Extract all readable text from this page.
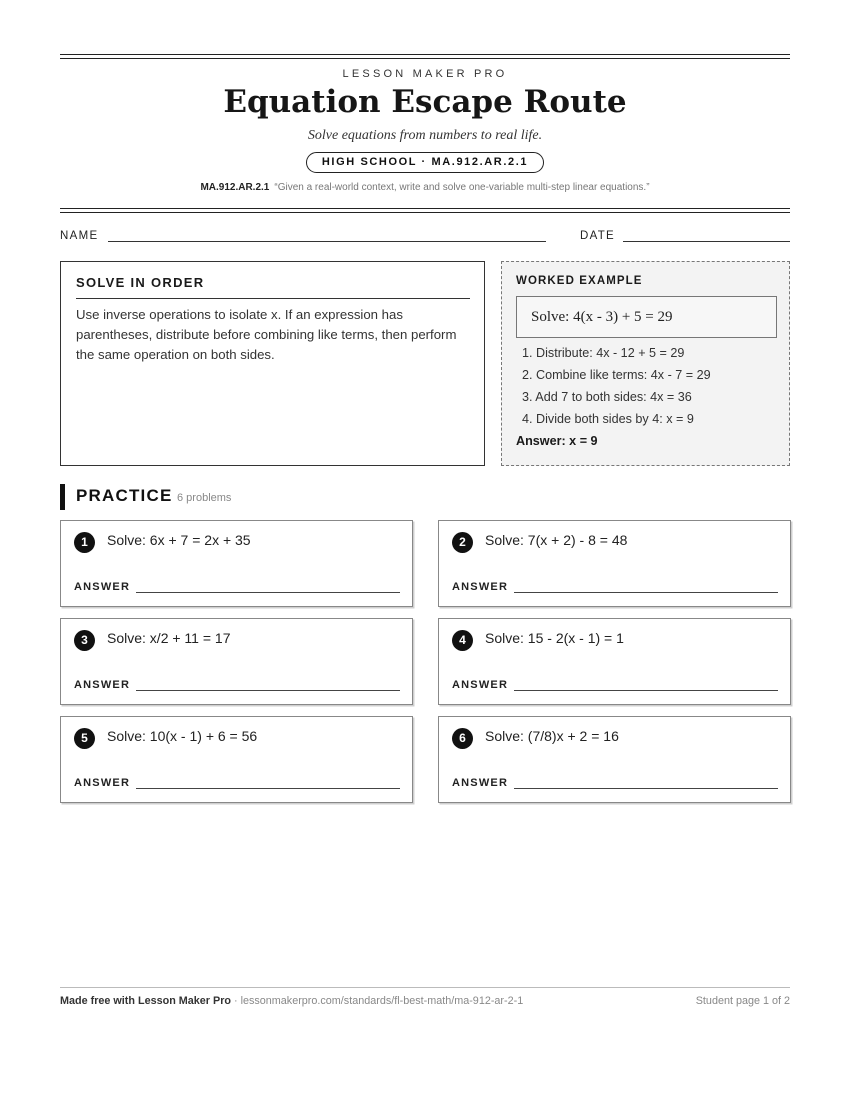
LESSON MAKER PRO
Equation Escape Route
Solve equations from numbers to real life.
HIGH SCHOOL · MA.912.AR.2.1
MA.912.AR.2.1 “Given a real-world context, write and solve one-variable multi-step linear equations.”
NAME	DATE
SOLVE IN ORDER
Use inverse operations to isolate x. If an expression has parentheses, distribute before combining like terms, then perform the same operation on both sides.
WORKED EXAMPLE
Solve: 4(x - 3) + 5 = 29
1. Distribute: 4x - 12 + 5 = 29
2. Combine like terms: 4x - 7 = 29
3. Add 7 to both sides: 4x = 36
4. Divide both sides by 4: x = 9
Answer: x = 9
PRACTICE 6 problems
1	Solve: 6x + 7 = 2x + 35
ANSWER
2	Solve: 7(x + 2) - 8 = 48
ANSWER
3	Solve: x/2 + 11 = 17
ANSWER
4	Solve: 15 - 2(x - 1) = 1
ANSWER
5	Solve: 10(x - 1) + 6 = 56
ANSWER
6	Solve: (7/8)x + 2 = 16
ANSWER
Made free with Lesson Maker Pro · lessonmakerpro.com/standards/fl-best-math/ma-912-ar-2-1	Student page 1 of 2
